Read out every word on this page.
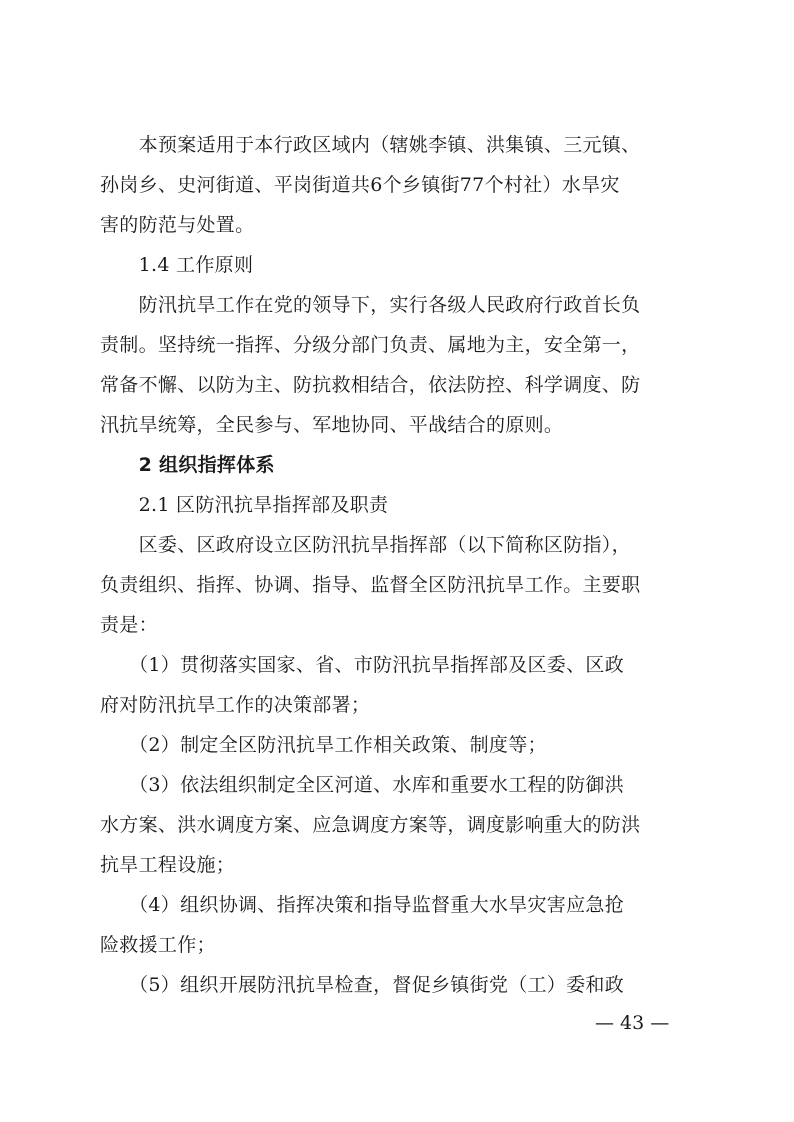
　　本预案适用于本行政区域内（辖姚李镇、洪集镇、三元镇、
孙岗乡、史河街道、平岗街道共6个乡镇街77个村社）水旱灾
害的防范与处置。
　　1.4 工作原则
　　防汛抗旱工作在党的领导下，实行各级人民政府行政首长负
责制。坚持统一指挥、分级分部门负责、属地为主，安全第一，
常备不懈、以防为主、防抗救相结合，依法防控、科学调度、防
汛抗旱统筹，全民参与、军地协同、平战结合的原则。
　　2 组织指挥体系
　　2.1 区防汛抗旱指挥部及职责
　　区委、区政府设立区防汛抗旱指挥部（以下简称区防指），
负责组织、指挥、协调、指导、监督全区防汛抗旱工作。主要职
责是：
　　（1）贯彻落实国家、省、市防汛抗旱指挥部及区委、区政
府对防汛抗旱工作的决策部署；
　　（2）制定全区防汛抗旱工作相关政策、制度等；
　　（3）依法组织制定全区河道、水库和重要水工程的防御洪
水方案、洪水调度方案、应急调度方案等，调度影响重大的防洪
抗旱工程设施；
　　（4）组织协调、指挥决策和指导监督重大水旱灾害应急抢
险救援工作；
　　（5）组织开展防汛抗旱检查，督促乡镇街党（工）委和政
— 43 —
